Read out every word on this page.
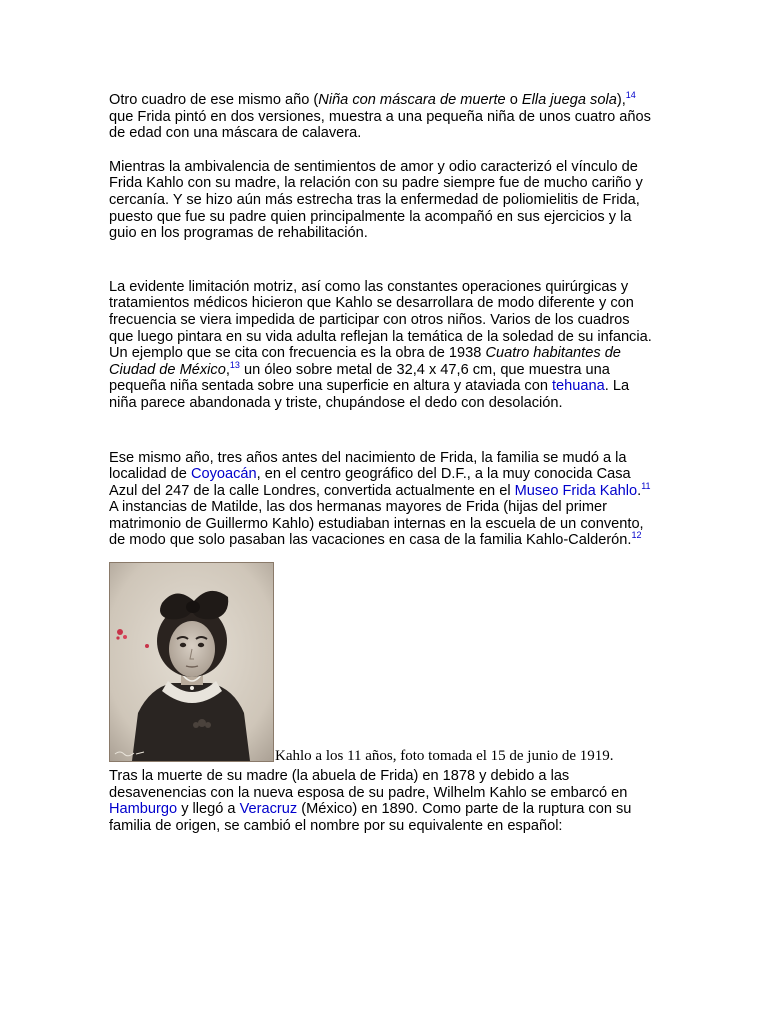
Otro cuadro de ese mismo año (Niña con máscara de muerte o Ella juega sola),$^{14}$ que Frida pintó en dos versiones, muestra a una pequeña niña de unos cuatro años de edad con una máscara de calavera.

Mientras la ambivalencia de sentimientos de amor y odio caracterizó el vínculo de Frida Kahlo con su madre, la relación con su padre siempre fue de mucho cariño y cercanía. Y se hizo aún más estrecha tras la enfermedad de poliomielitis de Frida, puesto que fue su padre quien principalmente la acompañó en sus ejercicios y la guio en los programas de rehabilitación.

La evidente limitación motriz, así como las constantes operaciones quirúrgicas y tratamientos médicos hicieron que Kahlo se desarrollara de modo diferente y con frecuencia se viera impedida de participar con otros niños. Varios de los cuadros que luego pintara en su vida adulta reflejan la temática de la soledad de su infancia. Un ejemplo que se cita con frecuencia es la obra de 1938 Cuatro habitantes de Ciudad de México,$^{13}$ un óleo sobre metal de 32,4 x 47,6 cm, que muestra una pequeña niña sentada sobre una superficie en altura y ataviada con tehuana. La niña parece abandonada y triste, chupándose el dedo con desolación.

Ese mismo año, tres años antes del nacimiento de Frida, la familia se mudó a la localidad de Coyoacán, en el centro geográfico del D.F., a la muy conocida Casa Azul del 247 de la calle Londres, convertida actualmente en el Museo Frida Kahlo.$^{11}$ A instancias de Matilde, las dos hermanas mayores de Frida (hijas del primer matrimonio de Guillermo Kahlo) estudiaban internas en la escuela de un convento, de modo que solo pasaban las vacaciones en casa de la familia Kahlo-Calderón.$^{12}$

Kahlo a los 11 años, foto tomada el 15 de junio de 1919.

Tras la muerte de su madre (la abuela de Frida) en 1878 y debido a las desavenencias con la nueva esposa de su padre, Wilhelm Kahlo se embarcó en Hamburgo y llegó a Veracruz (México) en 1890. Como parte de la ruptura con su familia de origen, se cambió el nombre por su equivalente en español:
